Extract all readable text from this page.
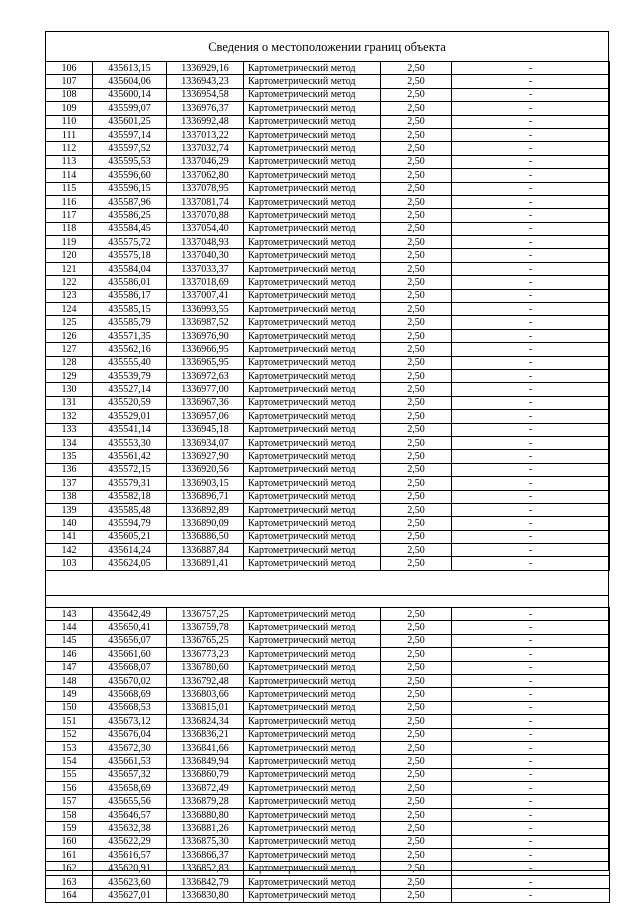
Сведения о местоположении границ объекта
106	435613,15	1336929,16	Картометрический метод	2,50	-
107	435604,06	1336943,23	Картометрический метод	2,50	-
108	435600,14	1336954,58	Картометрический метод	2,50	-
109	435599,07	1336976,37	Картометрический метод	2,50	-
110	435601,25	1336992,48	Картометрический метод	2,50	-
111	435597,14	1337013,22	Картометрический метод	2,50	-
112	435597,52	1337032,74	Картометрический метод	2,50	-
113	435595,53	1337046,29	Картометрический метод	2,50	-
114	435596,60	1337062,80	Картометрический метод	2,50	-
115	435596,15	1337078,95	Картометрический метод	2,50	-
116	435587,96	1337081,74	Картометрический метод	2,50	-
117	435586,25	1337070,88	Картометрический метод	2,50	-
118	435584,45	1337054,40	Картометрический метод	2,50	-
119	435575,72	1337048,93	Картометрический метод	2,50	-
120	435575,18	1337040,30	Картометрический метод	2,50	-
121	435584,04	1337033,37	Картометрический метод	2,50	-
122	435586,01	1337018,69	Картометрический метод	2,50	-
123	435586,17	1337007,41	Картометрический метод	2,50	-
124	435585,15	1336993,55	Картометрический метод	2,50	-
125	435585,79	1336987,52	Картометрический метод	2,50	-
126	435571,35	1336976,90	Картометрический метод	2,50	-
127	435562,16	1336966,95	Картометрический метод	2,50	-
128	435555,40	1336965,95	Картометрический метод	2,50	-
129	435539,79	1336972,63	Картометрический метод	2,50	-
130	435527,14	1336977,00	Картометрический метод	2,50	-
131	435520,59	1336967,36	Картометрический метод	2,50	-
132	435529,01	1336957,06	Картометрический метод	2,50	-
133	435541,14	1336945,18	Картометрический метод	2,50	-
134	435553,30	1336934,07	Картометрический метод	2,50	-
135	435561,42	1336927,90	Картометрический метод	2,50	-
136	435572,15	1336920,56	Картометрический метод	2,50	-
137	435579,31	1336903,15	Картометрический метод	2,50	-
138	435582,18	1336896,71	Картометрический метод	2,50	-
139	435585,48	1336892,89	Картометрический метод	2,50	-
140	435594,79	1336890,09	Картометрический метод	2,50	-
141	435605,21	1336886,50	Картометрический метод	2,50	-
142	435614,24	1336887,84	Картометрический метод	2,50	-
103	435624,05	1336891,41	Картометрический метод	2,50	-
143	435642,49	1336757,25	Картометрический метод	2,50	-
144	435650,41	1336759,78	Картометрический метод	2,50	-
145	435656,07	1336765,25	Картометрический метод	2,50	-
146	435661,60	1336773,23	Картометрический метод	2,50	-
147	435668,07	1336780,60	Картометрический метод	2,50	-
148	435670,02	1336792,48	Картометрический метод	2,50	-
149	435668,69	1336803,66	Картометрический метод	2,50	-
150	435668,53	1336815,01	Картометрический метод	2,50	-
151	435673,12	1336824,34	Картометрический метод	2,50	-
152	435676,04	1336836,21	Картометрический метод	2,50	-
153	435672,30	1336841,66	Картометрический метод	2,50	-
154	435661,53	1336849,94	Картометрический метод	2,50	-
155	435657,32	1336860,79	Картометрический метод	2,50	-
156	435658,69	1336872,49	Картометрический метод	2,50	-
157	435655,56	1336879,28	Картометрический метод	2,50	-
158	435646,57	1336880,80	Картометрический метод	2,50	-
159	435632,38	1336881,26	Картометрический метод	2,50	-
160	435622,29	1336875,30	Картометрический метод	2,50	-
161	435616,57	1336866,37	Картометрический метод	2,50	-
162	435620,91	1336852,83	Картометрический метод	2,50	-
163	435623,60	1336842,79	Картометрический метод	2,50	-
164	435627,01	1336830,80	Картометрический метод	2,50	-
